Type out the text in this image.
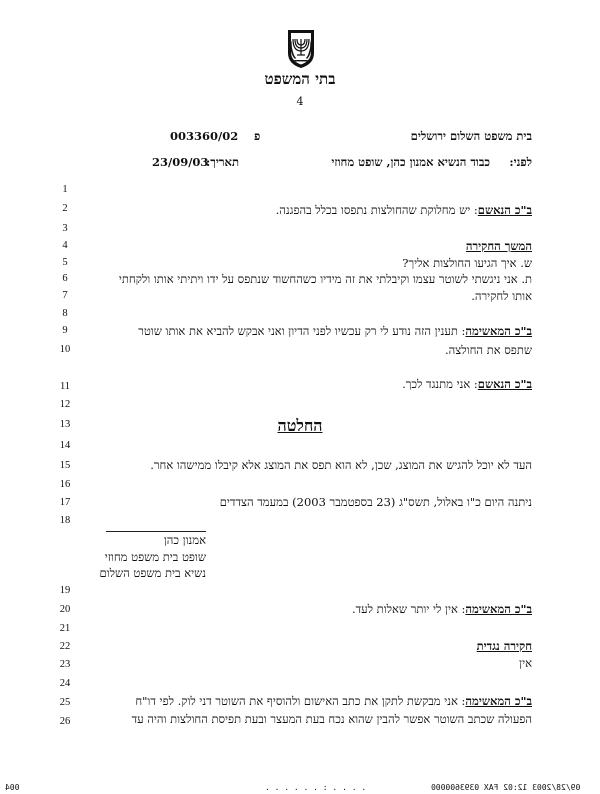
בתי המשפט
4
בית משפט השלום ירושלים
פ
003360/02
לפני:
כבוד הנשיא אמנון כהן, שופט מחוזי
תאריך:
23/09/03
1
2
3
4
5
6
7
8
9
10
11
12
13
14
15
16
17
18
19
20
21
22
23
24
25
26
ב"כ הנאשם: יש מחלוקת שהחולצות נתפסו בכלל בהפגנה.
המשך החקירה
ש. איך הגיעו החולצות אליך?
ת. אני ניגשתי לשוטר עצמו וקיבלתי את זה מידיו כשהחשוד שנתפס על ידו ויתיתי אותו ולקחתי
אותו לחקירה.
ב"כ המאשימה: תענין הזה נודע לי רק עכשיו לפני הדיון ואני אבקש להביא את אותו שוטר
שתפס את החולצה.
ב"כ הנאשם: אני מתנגד לכך.
החלטה
העד לא יוכל להגיש את המוצג, שכן, לא הוא תפס את המוצג אלא קיבלו ממישהו אחר.
ניתנה היום כ"ו באלול, תשס"ג (23 בספטמבר 2003) במעמד הצדדים
אמנון כהן
שופט בית משפט מחוזי
נשיא בית משפט השלום
ב"כ המאשימה: אין לי יותר שאלות לעד.
חקירה נגדית
אין
ב"כ המאשימה: אני מבקשת לתקן את כתב האישום ולהוסיף את השוטר דני לוק. לפי דו"ח
הפעולה שכתב השוטר אפשר להבין שהוא נכח בעת המעצר ובעת תפיסת החולצות והיה עד
09/28/2003 12:02 FAX 0393600000
. . . . . . : . . . .
004
